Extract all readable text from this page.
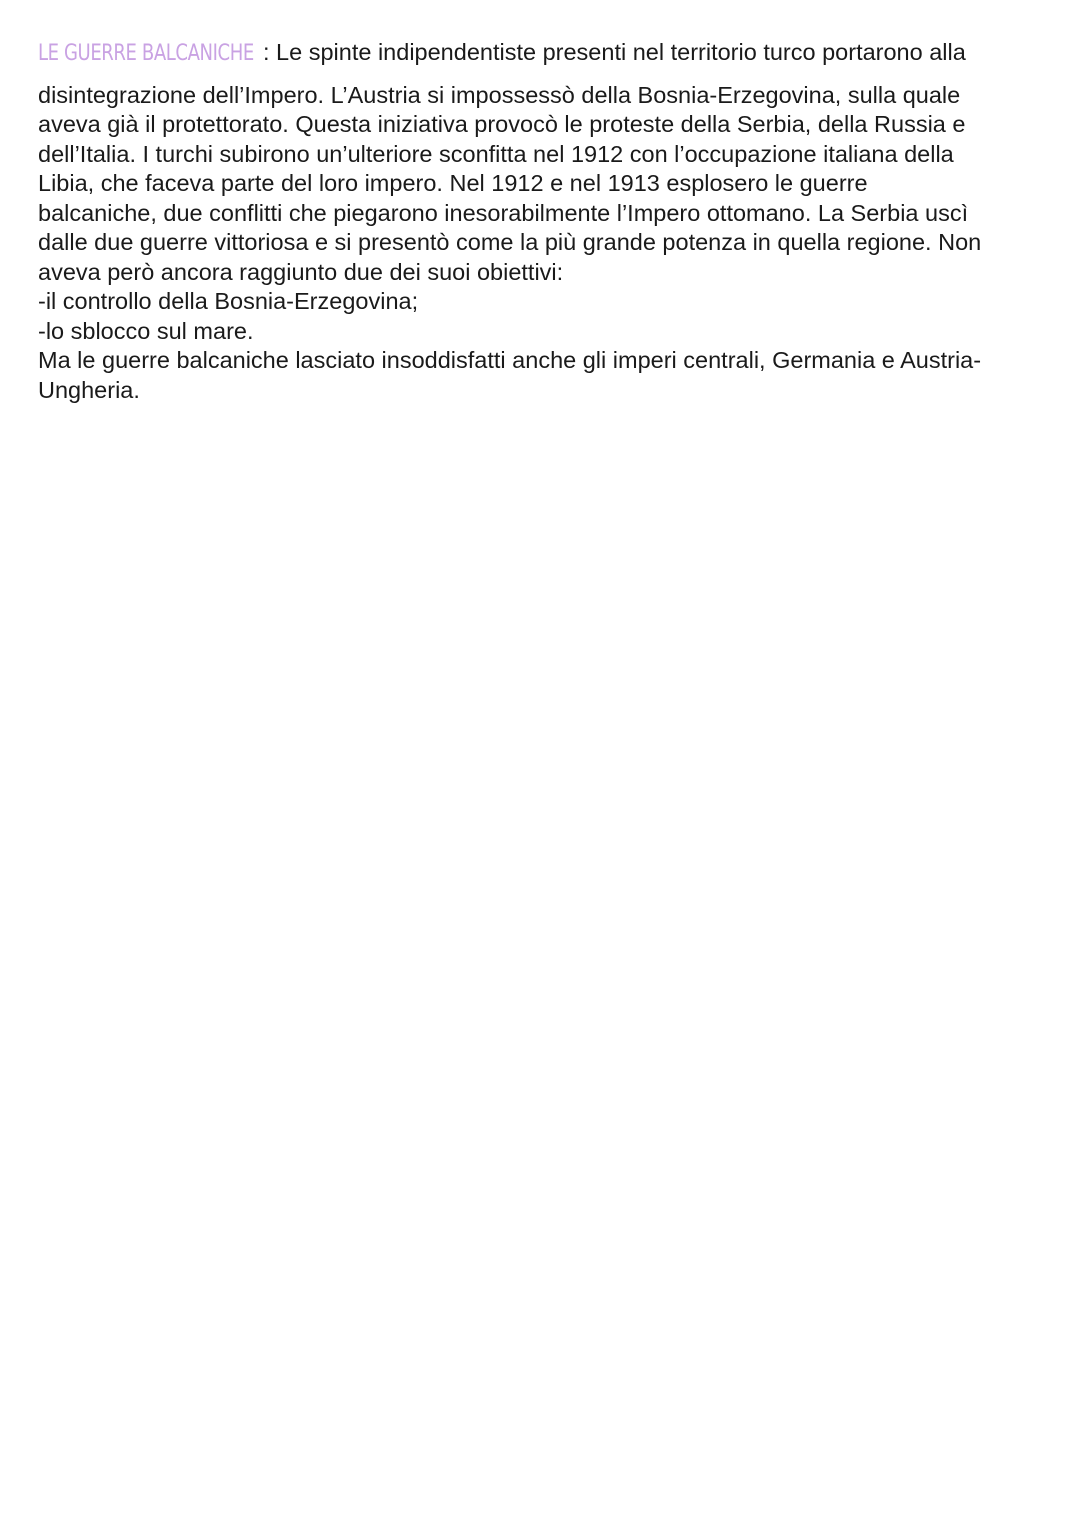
LE GUERRE BALCANICHE : Le spinte indipendentiste presenti nel territorio turco portarono alla
disintegrazione dell’Impero. L’Austria si impossessò della Bosnia-Erzegovina, sulla quale
aveva già il protettorato. Questa iniziativa provocò le proteste della Serbia, della Russia e
dell’Italia. I turchi subirono un’ulteriore sconfitta nel 1912 con l’occupazione italiana della
Libia, che faceva parte del loro impero. Nel 1912 e nel 1913 esplosero le guerre
balcaniche, due conflitti che piegarono inesorabilmente l’Impero ottomano. La Serbia uscì
dalle due guerre vittoriosa e si presentò come la più grande potenza in quella regione. Non
aveva però ancora raggiunto due dei suoi obiettivi:
-il controllo della Bosnia-Erzegovina;
-lo sblocco sul mare.
Ma le guerre balcaniche lasciato insoddisfatti anche gli imperi centrali, Germania e Austria-
Ungheria.
